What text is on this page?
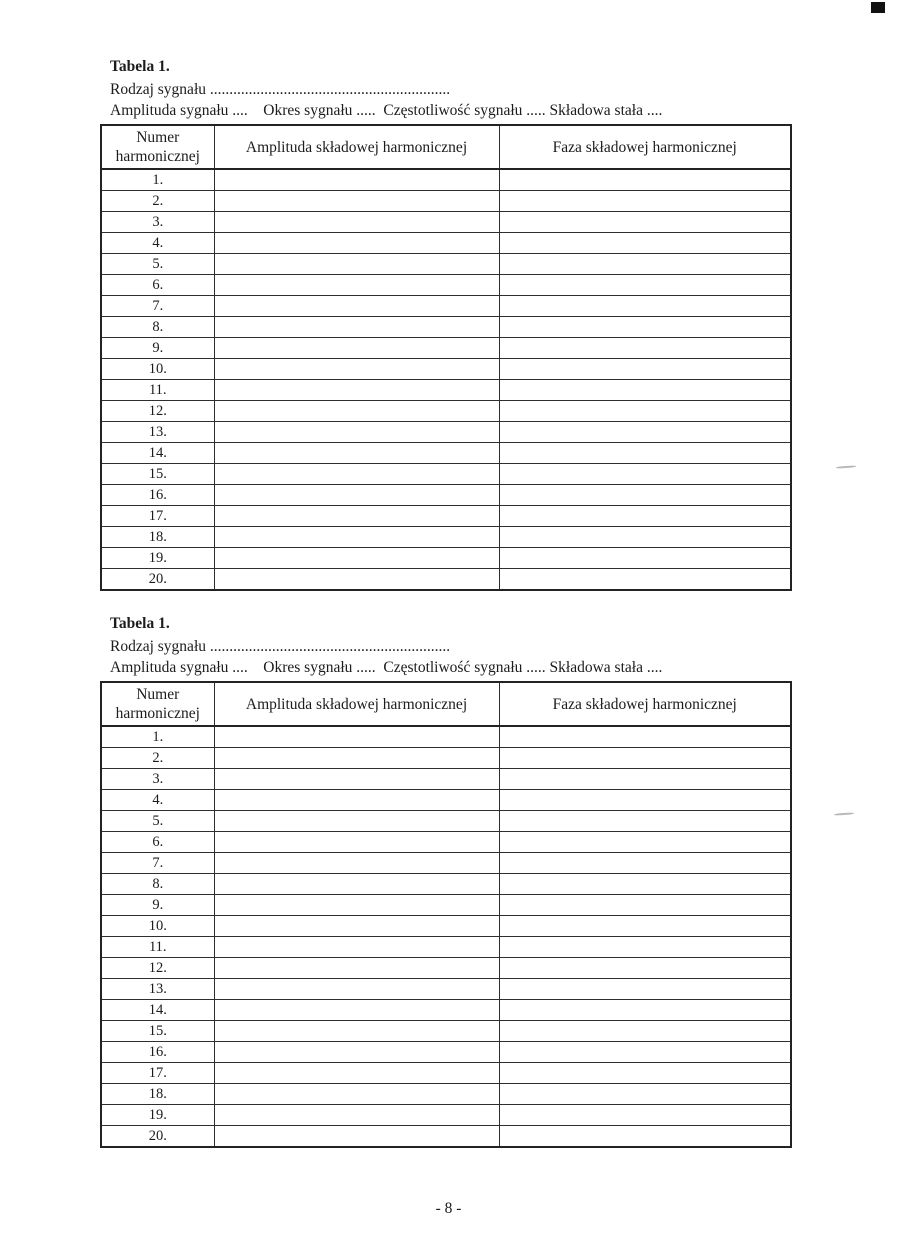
Tabela 1.
Rodzaj sygnału ..............................................................
Amplituda sygnału ....    Okres sygnału .....  Częstotliwość sygnału ..... Składowa stała ....
Numer harmonicznej	Amplituda składowej harmonicznej	Faza składowej harmonicznej
1.		
2.		
3.		
4.		
5.		
6.		
7.		
8.		
9.		
10.		
11.		
12.		
13.		
14.		
15.		
16.		
17.		
18.		
19.		
20.		
Tabela 1.
Rodzaj sygnału ..............................................................
Amplituda sygnału ....    Okres sygnału .....  Częstotliwość sygnału ..... Składowa stała ....
Numer harmonicznej	Amplituda składowej harmonicznej	Faza składowej harmonicznej
1.		
2.		
3.		
4.		
5.		
6.		
7.		
8.		
9.		
10.		
11.		
12.		
13.		
14.		
15.		
16.		
17.		
18.		
19.		
20.		
- 8 -
